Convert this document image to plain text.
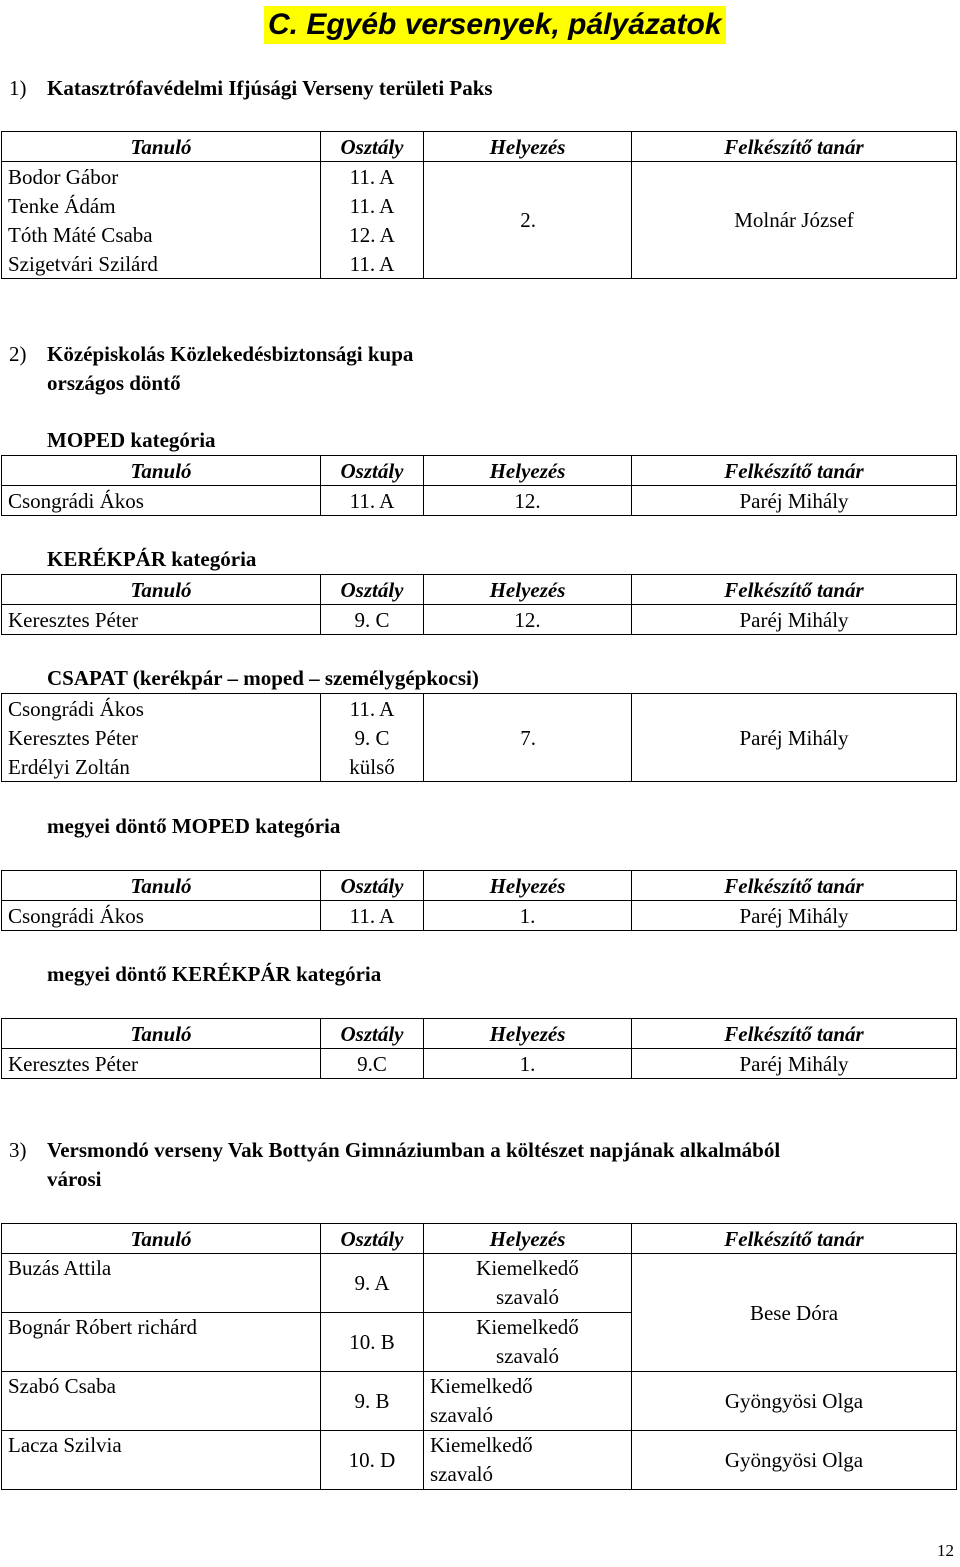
C. Egyéb versenyek, pályázatok
1) Katasztrófavédelmi Ifjúsági Verseny területi Paks
Tanuló	Osztály	Helyezés	Felkészítő tanár
Bodor Gábor	11. A	2.	Molnár József
Tenke Ádám	11. A		
Tóth Máté Csaba	12. A		
Szigetvári Szilárd	11. A		
2) Középiskolás Közlekedésbiztonsági kupa
országos döntő
MOPED kategória
Tanuló	Osztály	Helyezés	Felkészítő tanár
Csongrádi Ákos	11. A	12.	Paréj Mihály
KERÉKPÁR kategória
Tanuló	Osztály	Helyezés	Felkészítő tanár
Keresztes Péter	9. C	12.	Paréj Mihály
CSAPAT (kerékpár – moped – személygépkocsi)
Csongrádi Ákos	11. A	7.	Paréj Mihály
Keresztes Péter	9. C		
Erdélyi Zoltán	külső		
megyei döntő MOPED kategória
Tanuló	Osztály	Helyezés	Felkészítő tanár
Csongrádi Ákos	11. A	1.	Paréj Mihály
megyei döntő KERÉKPÁR kategória
Tanuló	Osztály	Helyezés	Felkészítő tanár
Keresztes Péter	9.C	1.	Paréj Mihály
3) Versmondó verseny Vak Bottyán Gimnáziumban a költészet napjának alkalmából
városi
Tanuló	Osztály	Helyezés	Felkészítő tanár
Buzás Attila	9. A	Kiemelkedő szavaló	Bese Dóra
Bognár Róbert richárd	10. B	Kiemelkedő szavaló	
Szabó Csaba	9. B	Kiemelkedő szavaló	Gyöngyösi Olga
Lacza Szilvia	10. D	Kiemelkedő szavaló	Gyöngyösi Olga
12
